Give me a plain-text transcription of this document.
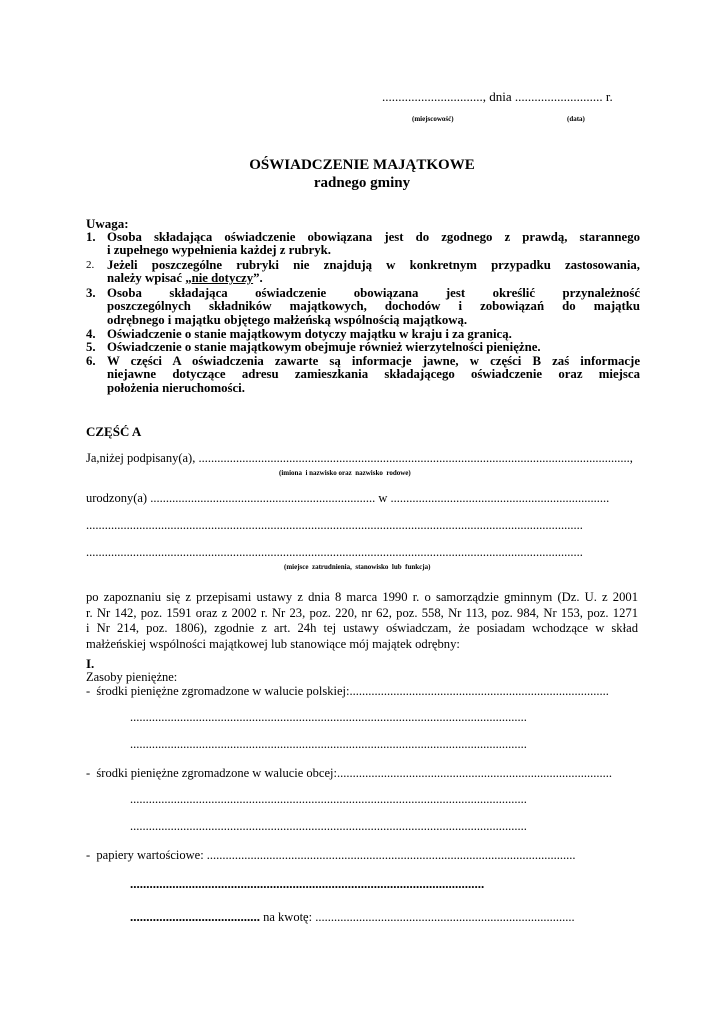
..............................., dnia ........................... r.
(miejscowość)	(data)
OŚWIADCZENIE MAJĄTKOWE
radnego gminy
Uwaga:
1. Osoba składająca oświadczenie obowiązana jest do zgodnego z prawdą, starannego
i zupełnego wypełnienia każdej z rubryk.
2. Jeżeli poszczególne rubryki nie znajdują w konkretnym przypadku zastosowania,
należy wpisać „nie dotyczy”.
3. Osoba składająca oświadczenie obowiązana jest określić przynależność
poszczególnych składników majątkowych, dochodów i zobowiązań do majątku
odrębnego i majątku objętego małżeńską wspólnością majątkową.
4. Oświadczenie o stanie majątkowym dotyczy majątku w kraju i za granicą.
5. Oświadczenie o stanie majątkowym obejmuje również wierzytelności pieniężne.
6. W części A oświadczenia zawarte są informacje jawne, w części B zaś informacje
niejawne dotyczące adresu zamieszkania składającego oświadczenie oraz miejsca
położenia nieruchomości.
CZĘŚĆ A
Ja,niżej podpisany(a), ..........................................................................................................................................,
(imiona  i nazwisko oraz  nazwisko  rodowe)
urodzony(a) ........................................................................ w ......................................................................
...............................................................................................................................................................
...............................................................................................................................................................
(miejsce  zatrudnienia,  stanowisko  lub  funkcja)
po zapoznaniu się z przepisami ustawy z dnia 8 marca 1990 r. o samorządzie gminnym (Dz. U. z 2001
r. Nr 142, poz. 1591 oraz z 2002 r. Nr 23, poz. 220, nr 62, poz. 558, Nr 113, poz. 984, Nr 153, poz. 1271
i Nr 214, poz. 1806), zgodnie z art. 24h tej ustawy oświadczam, że posiadam wchodzące w skład
małżeńskiej wspólności majątkowej lub stanowiące mój majątek odrębny:
I.
Zasoby pieniężne:
-  środki pieniężne zgromadzone w walucie polskiej:...................................................................................
...............................................................................................................................
...............................................................................................................................
-  środki pieniężne zgromadzone w walucie obcej:........................................................................................
...............................................................................................................................
...............................................................................................................................
-  papiery wartościowe: ......................................................................................................................
.............................................................................................................
........................................ na kwotę: ...................................................................................
